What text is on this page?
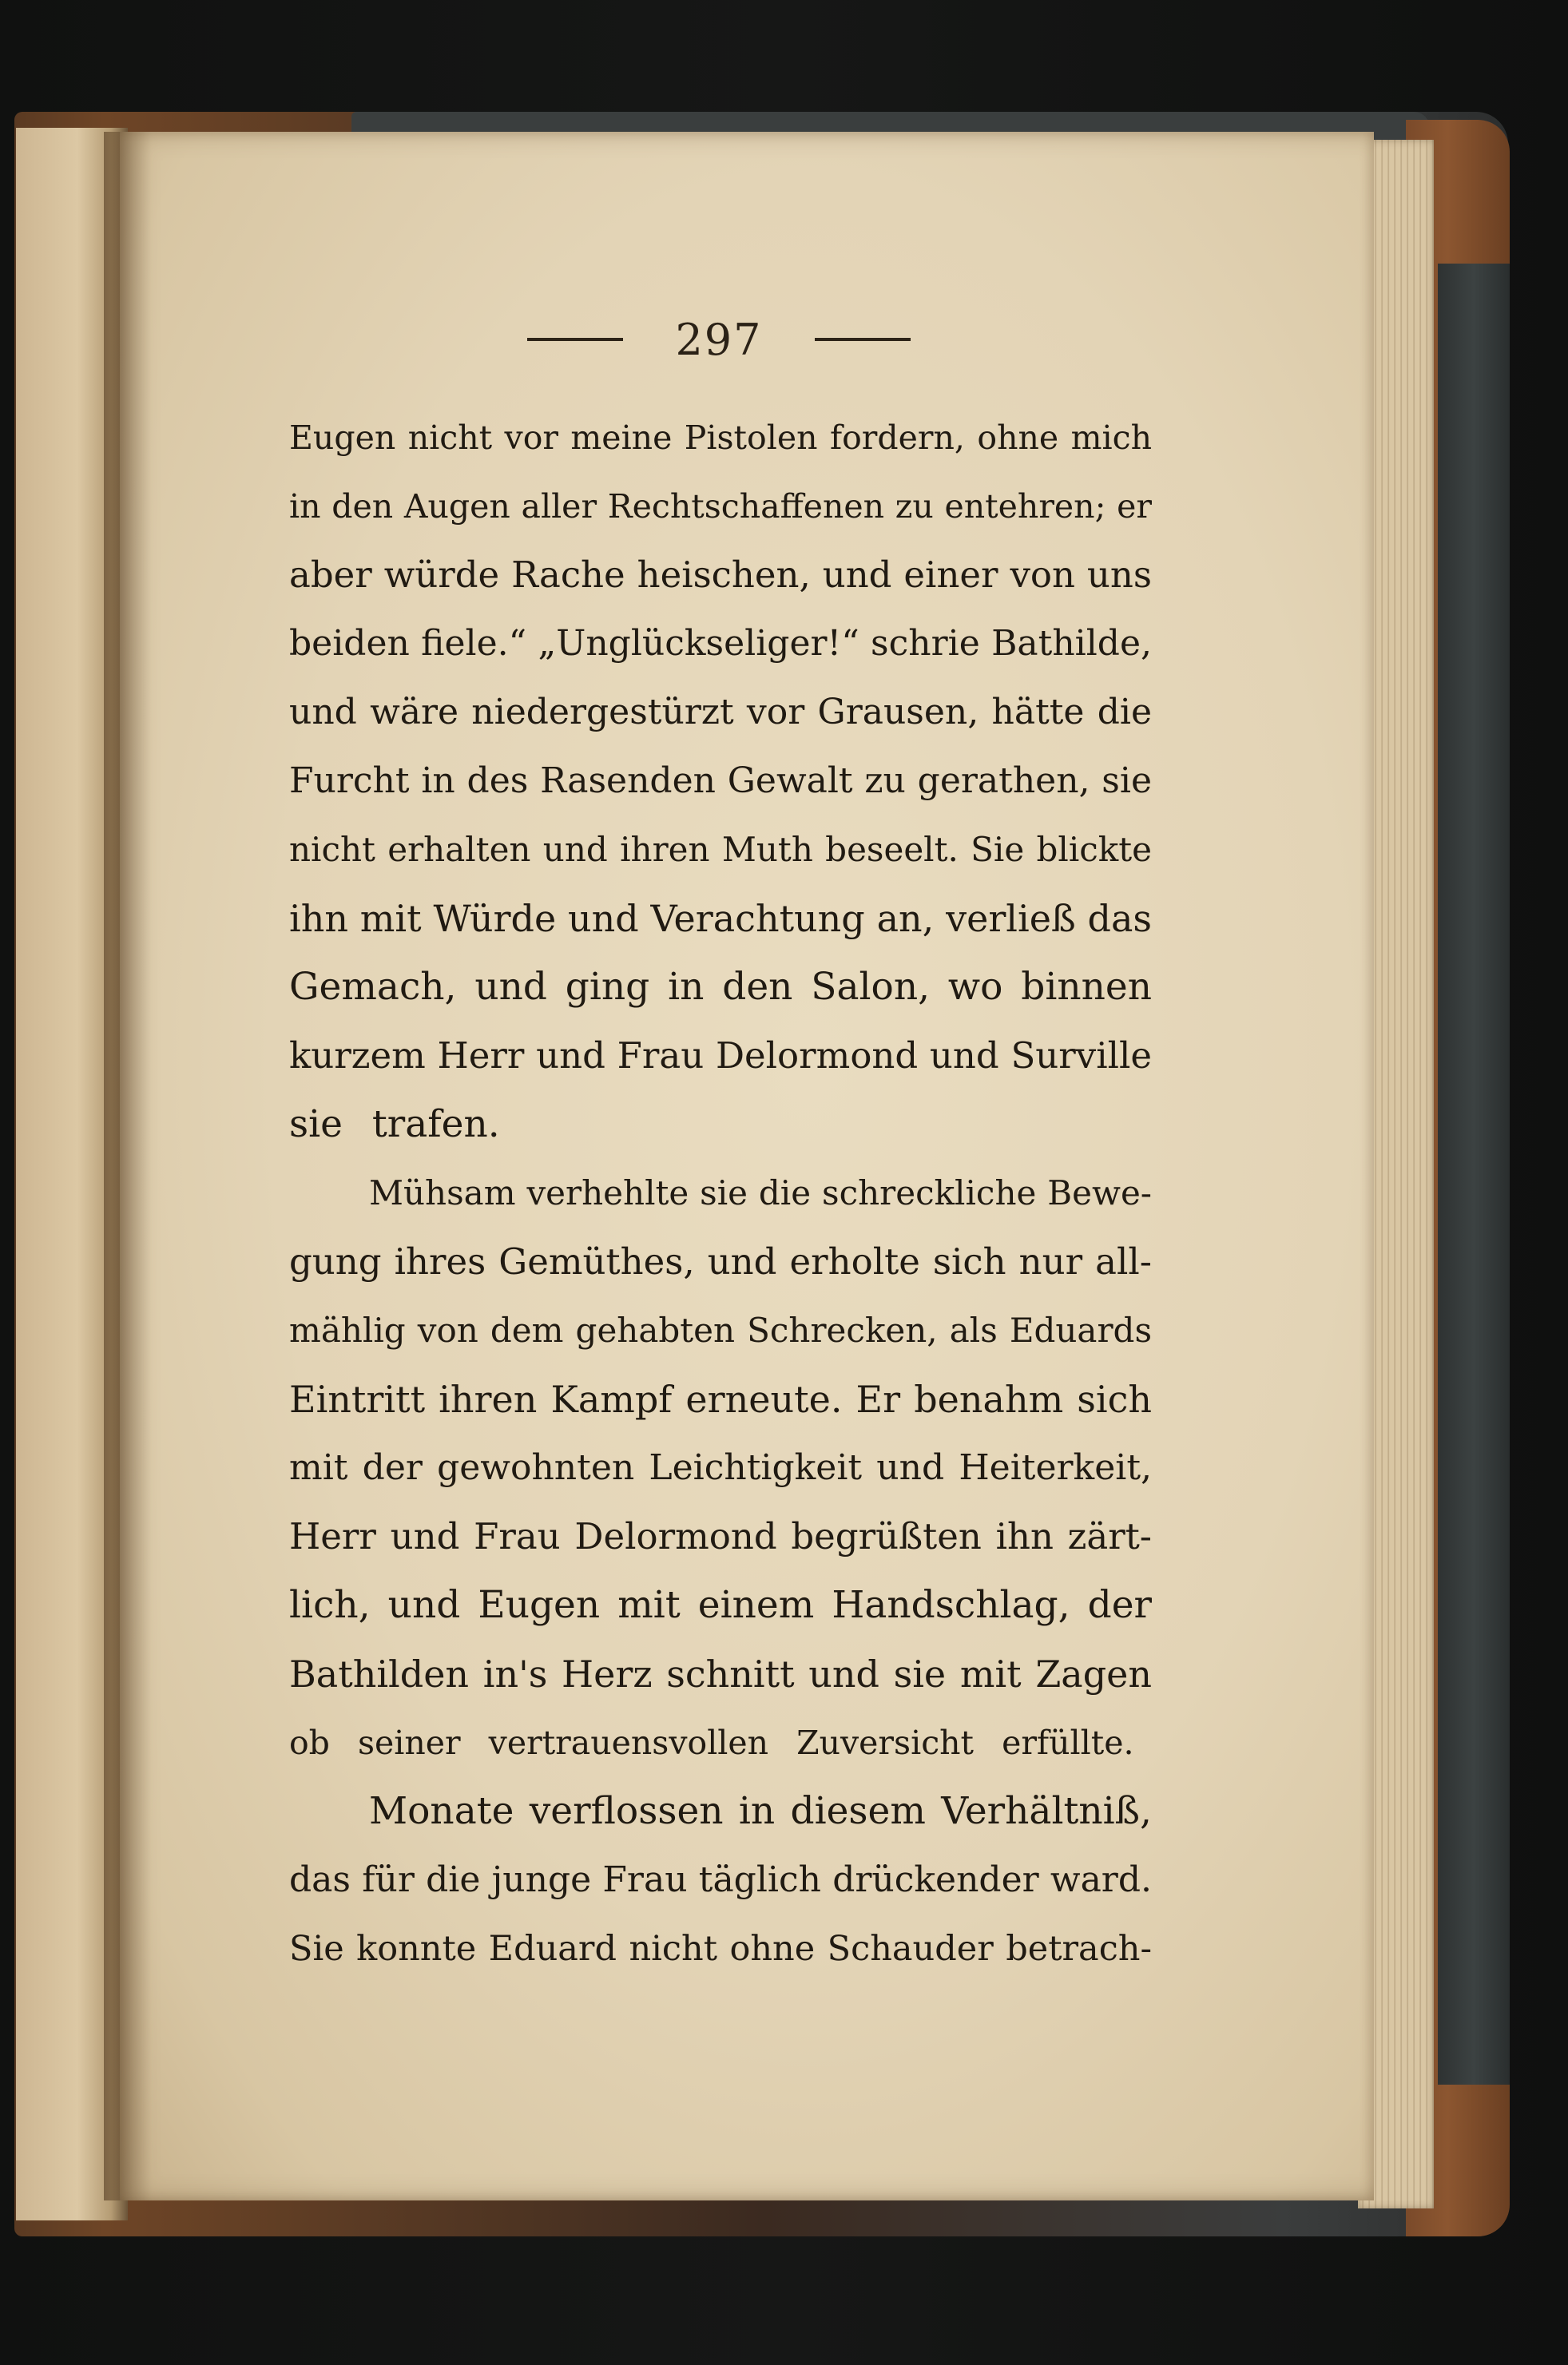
297
Eugen nicht vor meine Pistolen fordern, ohne mich
in den Augen aller Rechtschaffenen zu entehren; er
aber würde Rache heischen, und einer von uns
beiden fiele.“ „Unglückseliger!“ schrie Bathilde,
und wäre niedergestürzt vor Grausen, hätte die
Furcht in des Rasenden Gewalt zu gerathen, sie
nicht erhalten und ihren Muth beseelt. Sie blickte
ihn mit Würde und Verachtung an, verließ das
Gemach, und ging in den Salon, wo binnen
kurzem Herr und Frau Delormond und Surville
sie trafen.
Mühsam verhehlte sie die schreckliche Bewe-
gung ihres Gemüthes, und erholte sich nur all-
mählig von dem gehabten Schrecken, als Eduards
Eintritt ihren Kampf erneute. Er benahm sich
mit der gewohnten Leichtigkeit und Heiterkeit,
Herr und Frau Delormond begrüßten ihn zärt-
lich, und Eugen mit einem Handschlag, der
Bathilden in's Herz schnitt und sie mit Zagen
ob seiner vertrauensvollen Zuversicht erfüllte.
Monate verflossen in diesem Verhältniß,
das für die junge Frau täglich drückender ward.
Sie konnte Eduard nicht ohne Schauder betrach-
